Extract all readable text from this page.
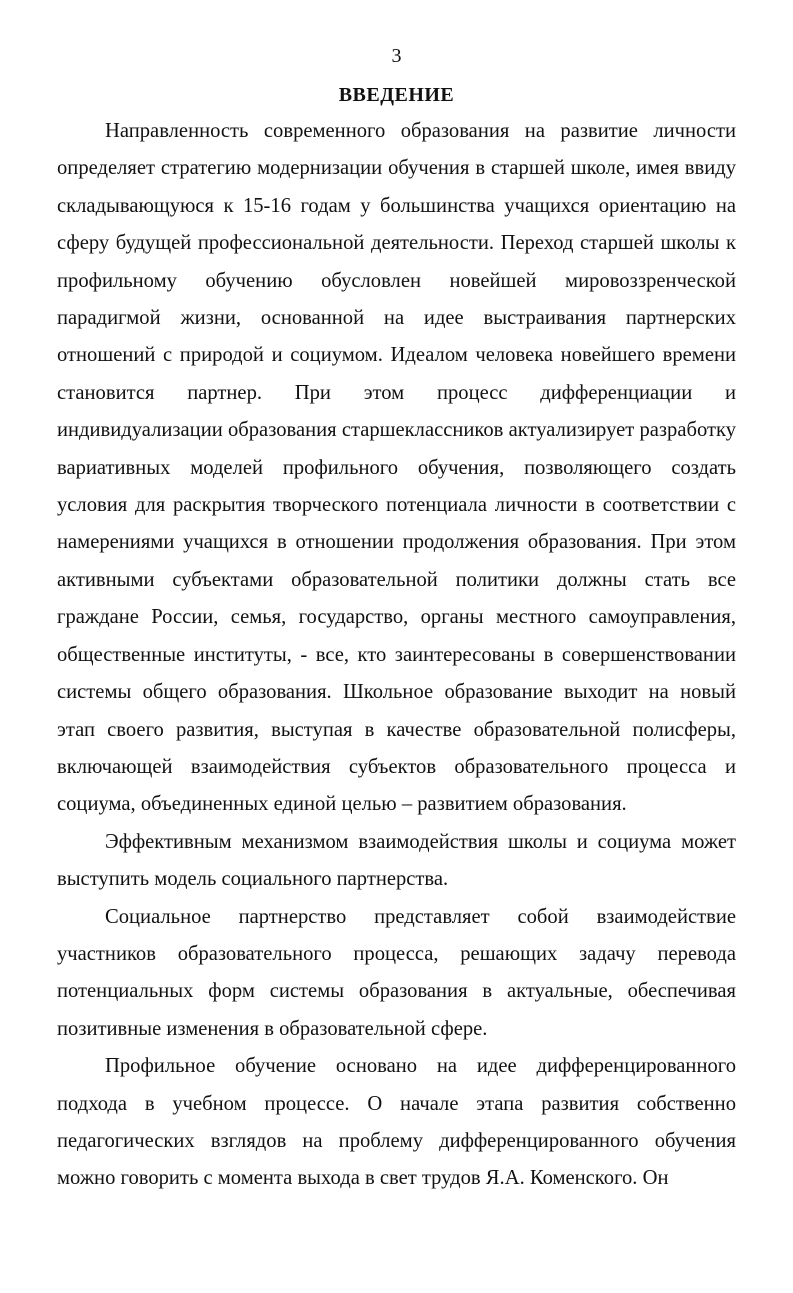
3
ВВЕДЕНИЕ

Направленность современного образования на развитие личности определяет стратегию модернизации обучения в старшей школе, имея ввиду складывающуюся к 15-16 годам у большинства учащихся ориентацию на сферу будущей профессиональной деятельности. Переход старшей школы к профильному обучению обусловлен новейшей мировоззренческой парадигмой жизни, основанной на идее выстраивания партнерских отношений с природой и социумом. Идеалом человека новейшего времени становится партнер. При этом процесс дифференциации и индивидуализации образования старшеклассников актуализирует разработку вариативных моделей профильного обучения, позволяющего создать условия для раскрытия творческого потенциала личности в соответствии с намерениями учащихся в отношении продолжения образования. При этом активными субъектами образовательной политики должны стать все граждане России, семья, государство, органы местного самоуправления, общественные институты, - все, кто заинтересованы в совершенствовании системы общего образования. Школьное образование выходит на новый этап своего развития, выступая в качестве образовательной полисферы, включающей взаимодействия субъектов образовательного процесса и социума, объединенных единой целью – развитием образования.

Эффективным механизмом взаимодействия школы и социума может выступить модель социального партнерства.

Социальное партнерство представляет собой взаимодействие участников образовательного процесса, решающих задачу перевода потенциальных форм системы образования в актуальные, обеспечивая позитивные изменения в образовательной сфере.

Профильное обучение основано на идее дифференцированного подхода в учебном процессе. О начале этапа развития собственно педагогических взглядов на проблему дифференцированного обучения можно говорить с момента выхода в свет трудов Я.А. Коменского. Он
